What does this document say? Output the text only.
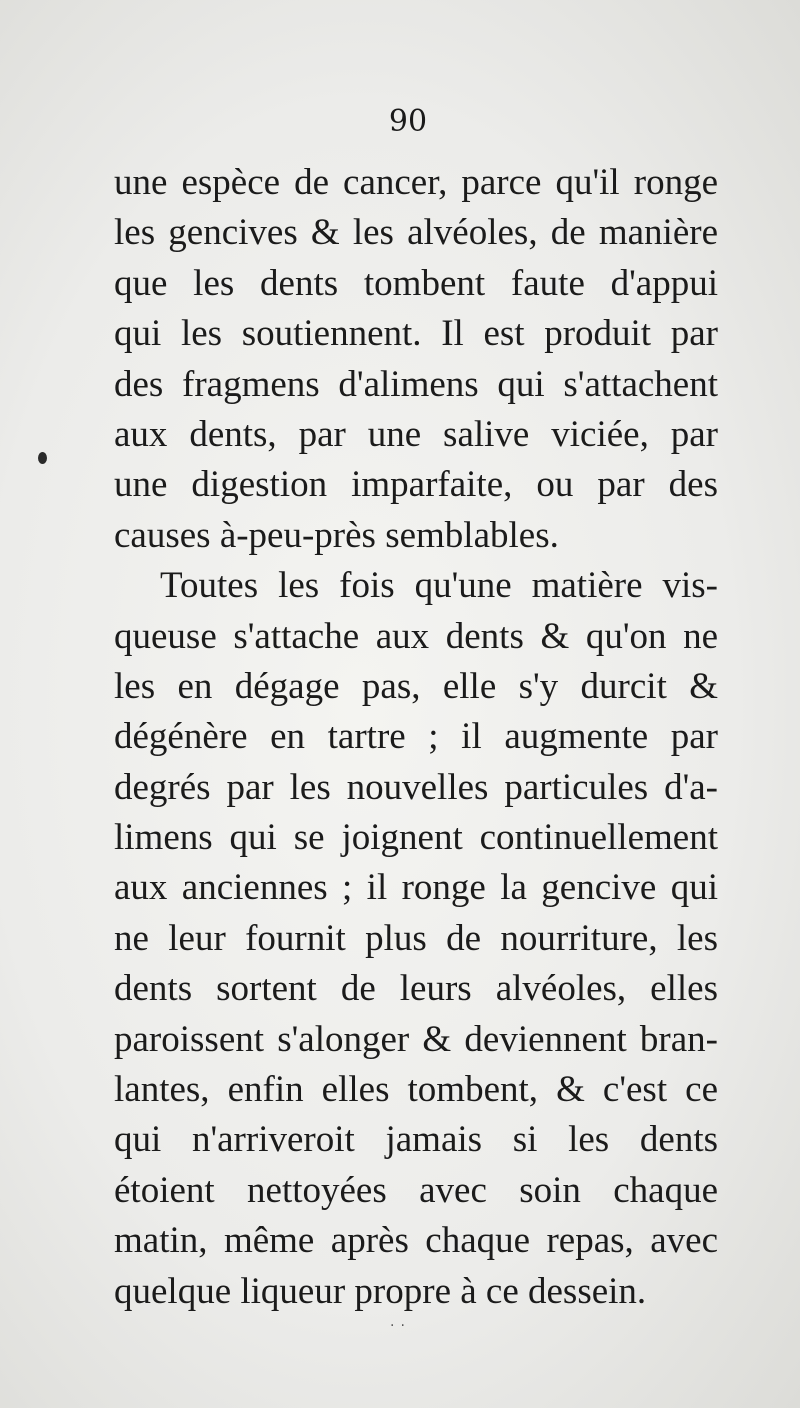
90
une espèce de cancer, parce qu'il ronge
les gencives & les alvéoles, de manière
que les dents tombent faute d'appui
qui les soutiennent. Il est produit par
des fragmens d'alimens qui s'attachent
aux dents, par une salive viciée, par
une digestion imparfaite, ou par des
causes à-peu-près semblables.
Toutes les fois qu'une matière vis-
queuse s'attache aux dents & qu'on ne
les en dégage pas, elle s'y durcit &
dégénère en tartre ; il augmente par
degrés par les nouvelles particules d'a-
limens qui se joignent continuellement
aux anciennes ; il ronge la gencive qui
ne leur fournit plus de nourriture, les
dents sortent de leurs alvéoles, elles
paroissent s'alonger & deviennent bran-
lantes, enfin elles tombent, & c'est ce
qui n'arriveroit jamais si les dents
étoient nettoyées avec soin chaque
matin, même après chaque repas, avec
quelque liqueur propre à ce dessein.
··
